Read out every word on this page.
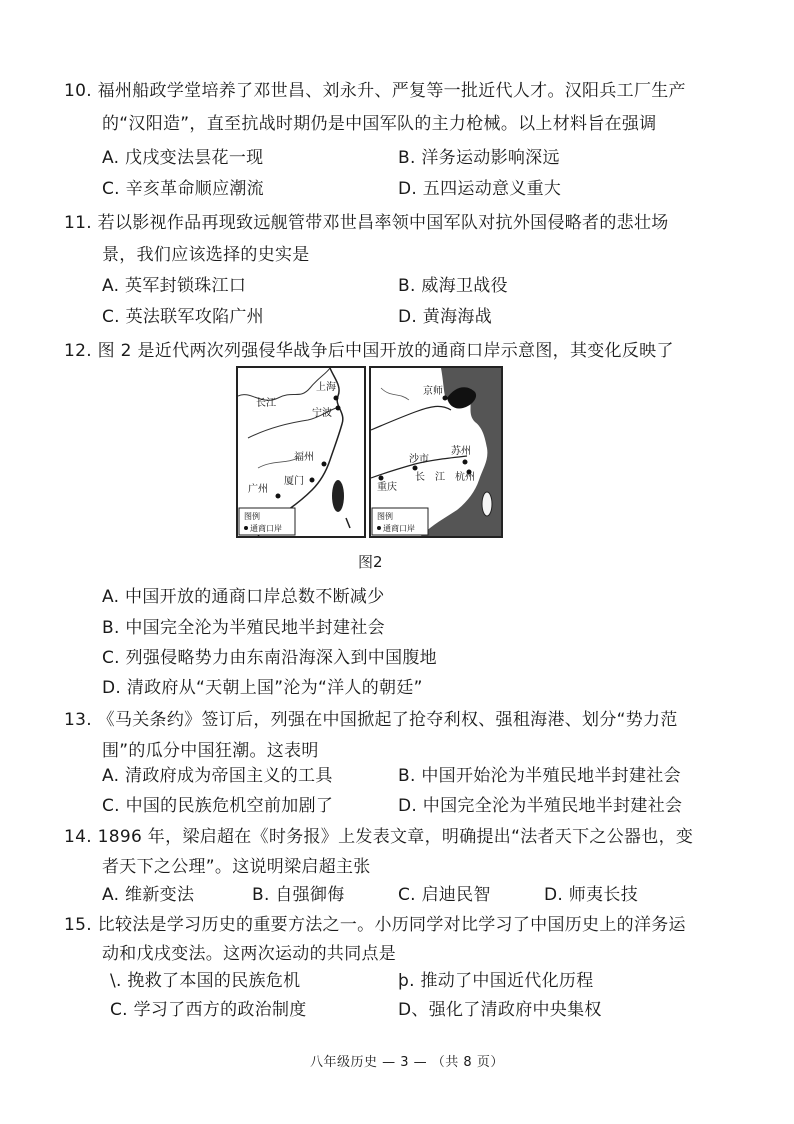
10. 福州船政学堂培养了邓世昌、刘永升、严复等一批近代人才。汉阳兵工厂生产
的“汉阳造”，直至抗战时期仍是中国军队的主力枪械。以上材料旨在强调
A. 戊戌变法昙花一现	B. 洋务运动影响深远
C. 辛亥革命顺应潮流	D. 五四运动意义重大
11. 若以影视作品再现致远舰管带邓世昌率领中国军队对抗外国侵略者的悲壮场
景，我们应该选择的史实是
A. 英军封锁珠江口	B. 威海卫战役
C. 英法联军攻陷广州	D. 黄海海战
12. 图 2 是近代两次列强侵华战争后中国开放的通商口岸示意图，其变化反映了
上海
长江
宁波
福州
厦门
广州
图例
通商口岸
京师
苏州
沙市
长 江 杭州
重庆
图例
通商口岸
图2
A. 中国开放的通商口岸总数不断减少
B. 中国完全沦为半殖民地半封建社会
C. 列强侵略势力由东南沿海深入到中国腹地
D. 清政府从“天朝上国”沦为“洋人的朝廷”
13. 《马关条约》签订后，列强在中国掀起了抢夺利权、强租海港、划分“势力范
围”的瓜分中国狂潮。这表明
A. 清政府成为帝国主义的工具	B. 中国开始沦为半殖民地半封建社会
C. 中国的民族危机空前加剧了	D. 中国完全沦为半殖民地半封建社会
14. 1896 年，梁启超在《时务报》上发表文章，明确提出“法者天下之公器也，变
者天下之公理”。这说明梁启超主张
A. 维新变法	B. 自强御侮	C. 启迪民智	D. 师夷长技
15. 比较法是学习历史的重要方法之一。小历同学对比学习了中国历史上的洋务运
动和戊戌变法。这两次运动的共同点是
\. 挽救了本国的民族危机	þ. 推动了中国近代化历程
C. 学习了西方的政治制度	D、强化了清政府中央集权
八年级历史 — 3 — （共 8 页）
